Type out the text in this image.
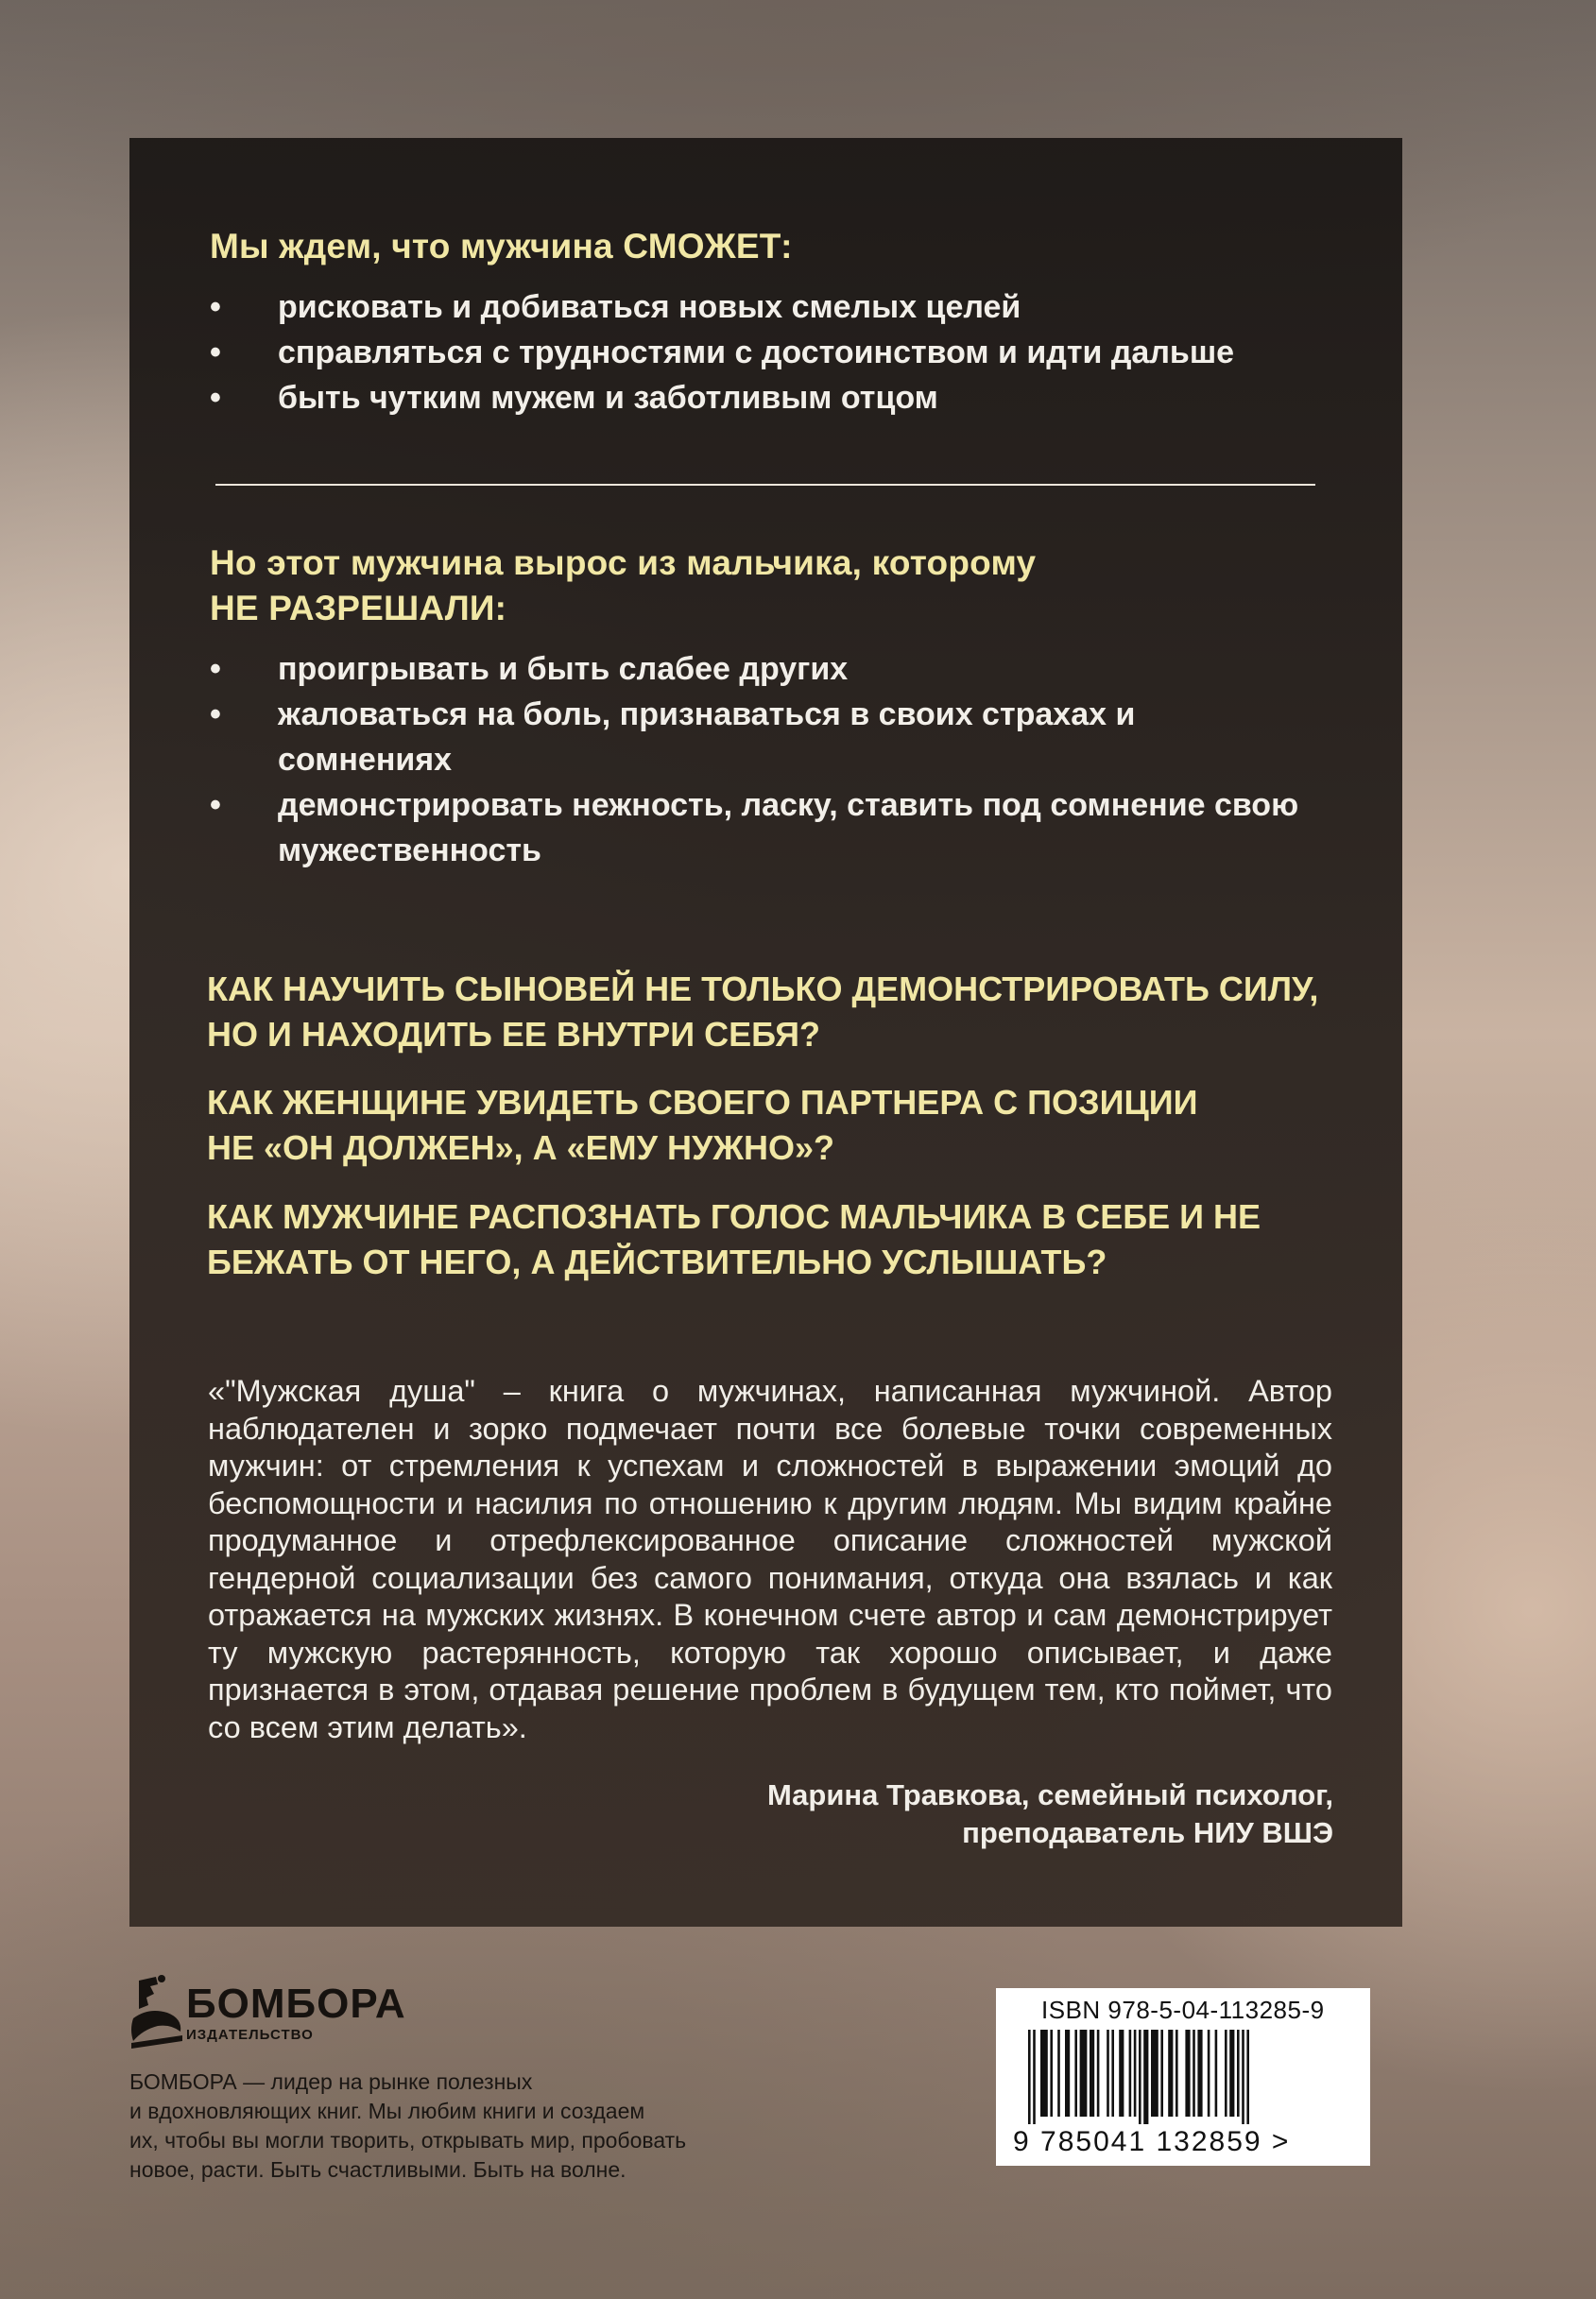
Мы ждем, что мужчина СМОЖЕТ:
• рисковать и добиваться новых смелых целей
• справляться с трудностями с достоинством и идти дальше
• быть чутким мужем и заботливым отцом
Но этот мужчина вырос из мальчика, которому
НЕ РАЗРЕШАЛИ:
• проигрывать и быть слабее других
• жаловаться на боль, признаваться в своих страхах и сомнениях
• демонстрировать нежность, ласку, ставить под сомнение свою мужественность

КАК НАУЧИТЬ СЫНОВЕЙ НЕ ТОЛЬКО ДЕМОНСТРИРОВАТЬ СИЛУ, НО И НАХОДИТЬ ЕЕ ВНУТРИ СЕБЯ?

КАК ЖЕНЩИНЕ УВИДЕТЬ СВОЕГО ПАРТНЕРА С ПОЗИЦИИ НЕ «ОН ДОЛЖЕН», А «ЕМУ НУЖНО»?

КАК МУЖЧИНЕ РАСПОЗНАТЬ ГОЛОС МАЛЬЧИКА В СЕБЕ И НЕ БЕЖАТЬ ОТ НЕГО, А ДЕЙСТВИТЕЛЬНО УСЛЫШАТЬ?

«"Мужская душа" – книга о мужчинах, написанная мужчиной. Автор наблюдателен и зорко подмечает почти все болевые точки современных мужчин: от стремления к успехам и сложностей в выражении эмоций до беспомощности и насилия по отношению к другим людям. Мы видим крайне продуманное и отрефлексированное описание сложностей мужской гендерной социализации без самого понимания, откуда она взялась и как отражается на мужских жизнях. В конечном счете автор и сам демонстрирует ту мужскую растерянность, которую так хорошо описывает, и даже признается в этом, отдавая решение проблем в будущем тем, кто поймет, что со всем этим делать».

Марина Травкова, семейный психолог,
преподаватель НИУ ВШЭ

БОМБОРА
ИЗДАТЕЛЬСТВО

БОМБОРА — лидер на рынке полезных
и вдохновляющих книг. Мы любим книги и создаем
их, чтобы вы могли творить, открывать мир, пробовать
новое, расти. Быть счастливыми. Быть на волне.

ISBN 978-5-04-113285-9
9 785041 132859 >
